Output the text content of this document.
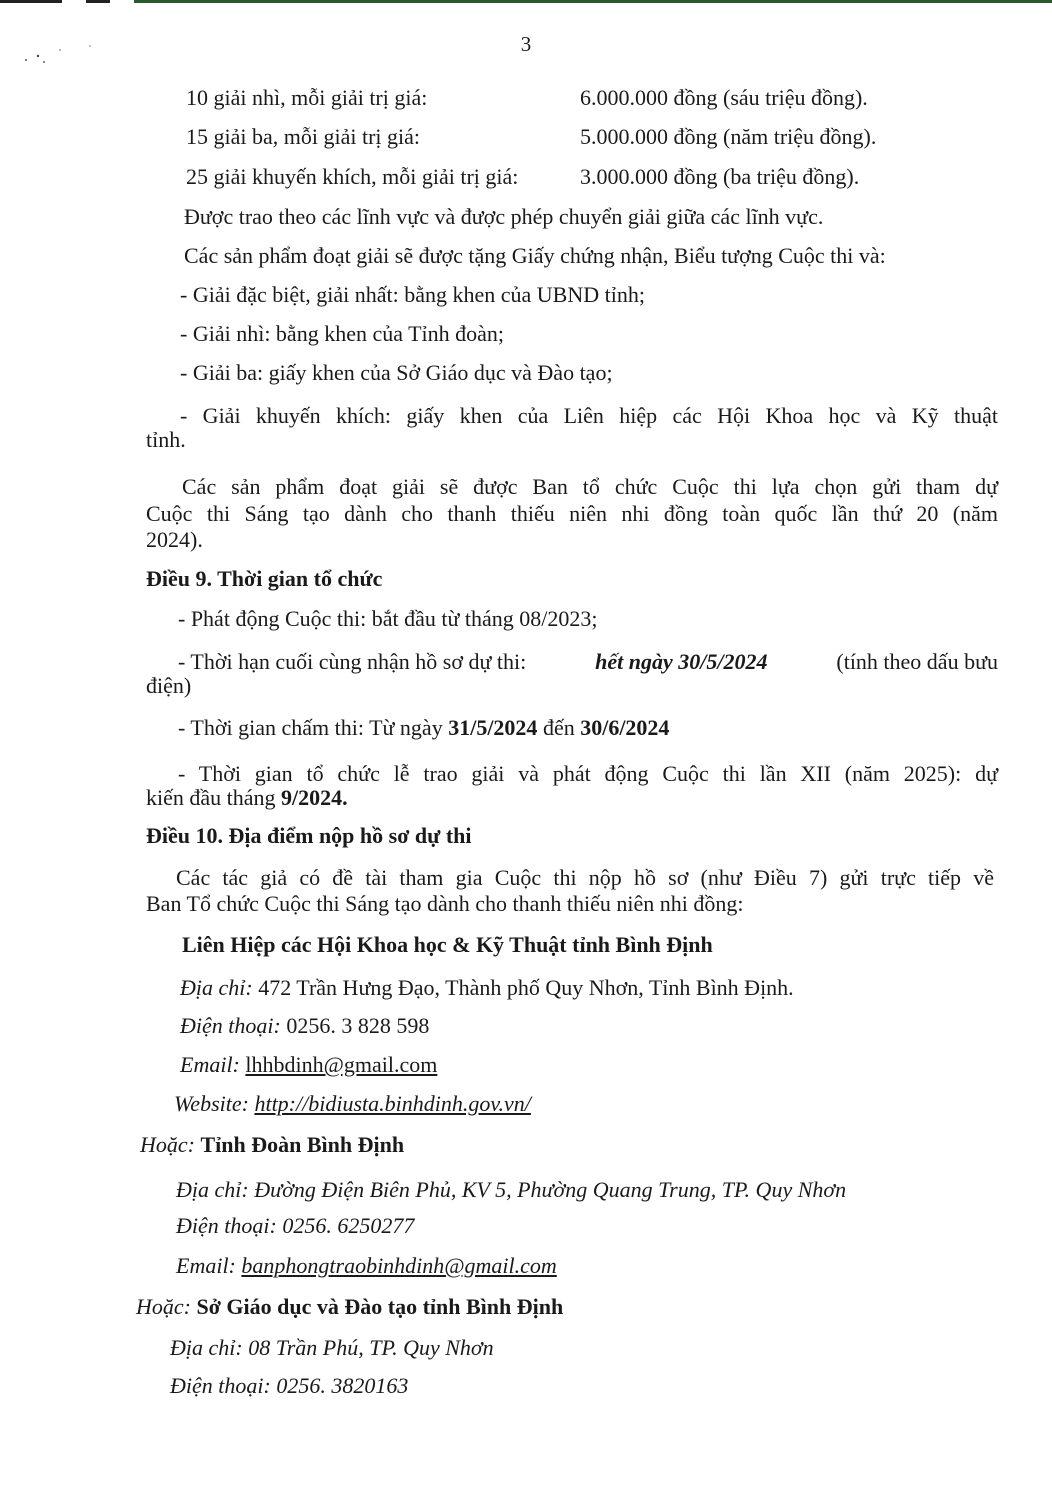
3
10 giải nhì, mỗi giải trị giá:	6.000.000 đồng (sáu triệu đồng).
15 giải ba, mỗi giải trị giá:	5.000.000 đồng (năm triệu đồng).
25 giải khuyến khích, mỗi giải trị giá:	3.000.000 đồng (ba triệu đồng).
Được trao theo các lĩnh vực và được phép chuyển giải giữa các lĩnh vực.
Các sản phẩm đoạt giải sẽ được tặng Giấy chứng nhận, Biểu tượng Cuộc thi và:
- Giải đặc biệt, giải nhất: bằng khen của UBND tỉnh;
- Giải nhì: bằng khen của Tỉnh đoàn;
- Giải ba: giấy khen của Sở Giáo dục và Đào tạo;
- Giải khuyến khích: giấy khen của Liên hiệp các Hội Khoa học và Kỹ thuật
tỉnh.
Các sản phẩm đoạt giải sẽ được Ban tổ chức Cuộc thi lựa chọn gửi tham dự
Cuộc thi Sáng tạo dành cho thanh thiếu niên nhi đồng toàn quốc lần thứ 20 (năm
2024).
Điều 9. Thời gian tổ chức
- Phát động Cuộc thi: bắt đầu từ tháng 08/2023;
- Thời hạn cuối cùng nhận hồ sơ dự thi:	hết ngày 30/5/2024	(tính theo dấu bưu
điện)
- Thời gian chấm thi: Từ ngày 31/5/2024 đến 30/6/2024
- Thời gian tổ chức lễ trao giải và phát động Cuộc thi lần XII (năm 2025): dự
kiến đầu tháng 9/2024.
Điều 10. Địa điểm nộp hồ sơ dự thi
Các tác giả có đề tài tham gia Cuộc thi nộp hồ sơ (như Điều 7) gửi trực tiếp về
Ban Tổ chức Cuộc thi Sáng tạo dành cho thanh thiếu niên nhi đồng:
Liên Hiệp các Hội Khoa học & Kỹ Thuật tỉnh Bình Định
Địa chỉ: 472 Trần Hưng Đạo, Thành phố Quy Nhơn, Tỉnh Bình Định.
Điện thoại: 0256. 3 828 598
Email: lhhbdinh@gmail.com
Website: http://bidiusta.binhdinh.gov.vn/
Hoặc: Tỉnh Đoàn Bình Định
Địa chỉ: Đường Điện Biên Phủ, KV 5, Phường Quang Trung, TP. Quy Nhơn
Điện thoại: 0256. 6250277
Email: banphongtraobinhdinh@gmail.com
Hoặc: Sở Giáo dục và Đào tạo tỉnh Bình Định
Địa chỉ: 08 Trần Phú, TP. Quy Nhơn
Điện thoại: 0256. 3820163
